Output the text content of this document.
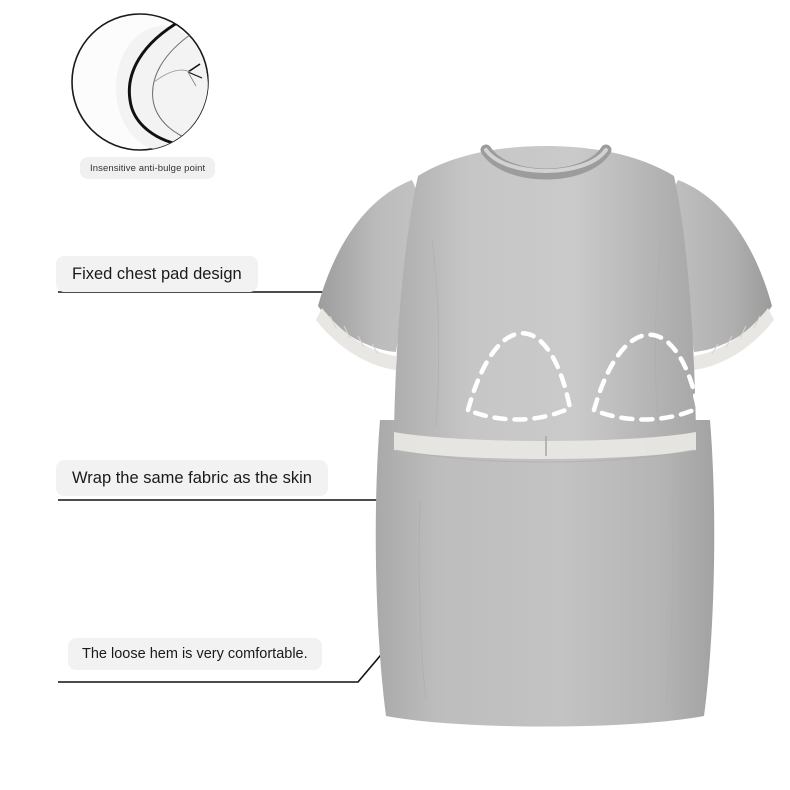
Insensitive anti-bulge point
Fixed chest pad design
Wrap the same fabric as the skin
The loose hem is very comfortable.
